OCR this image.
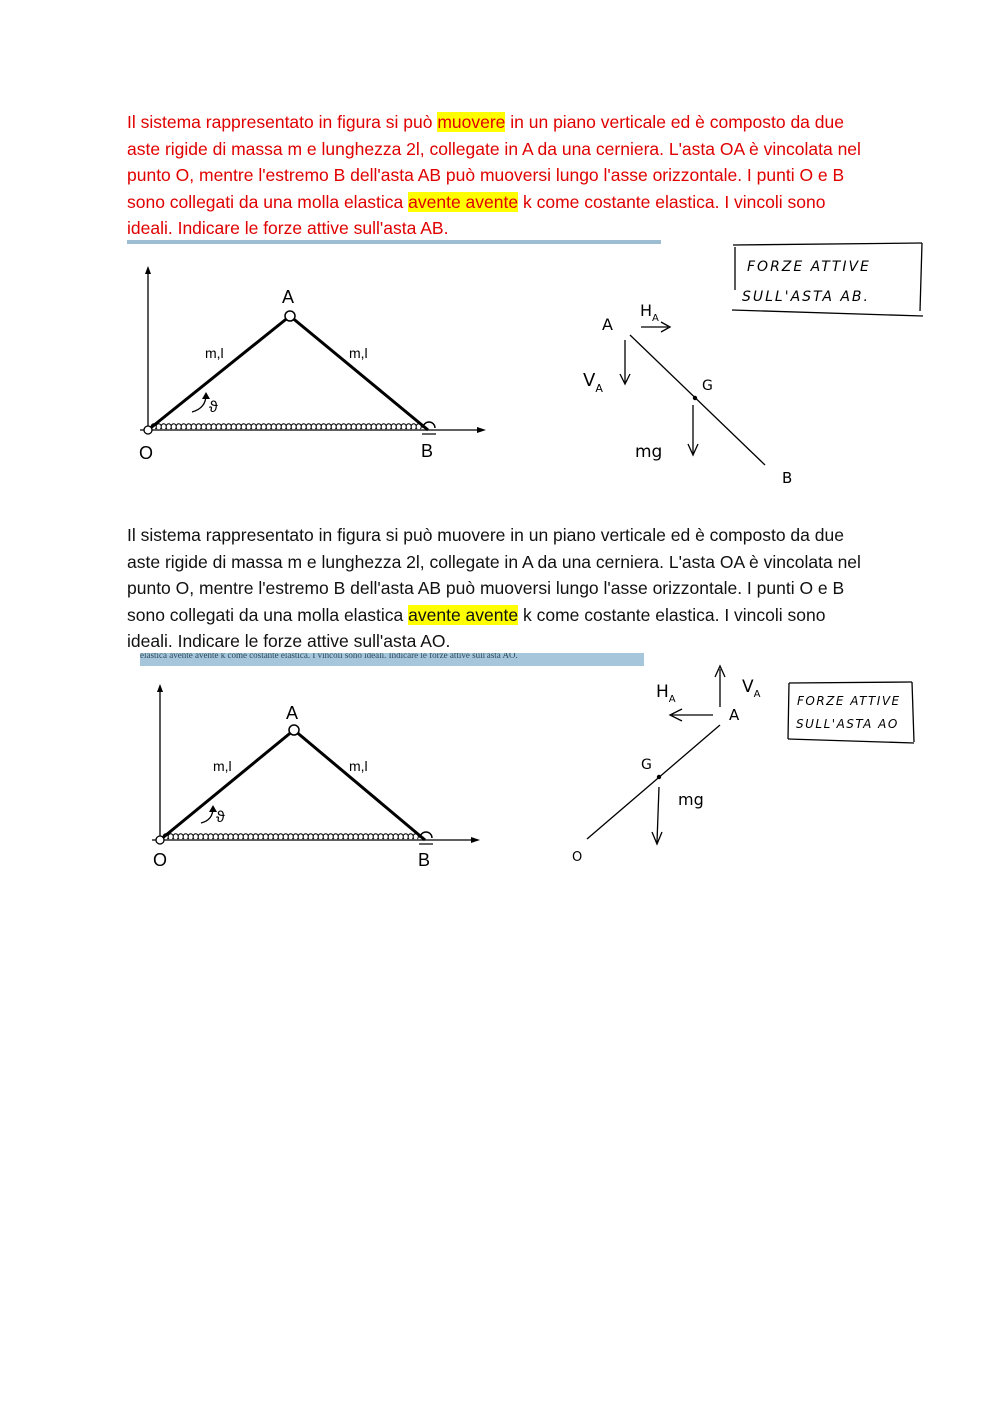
Il sistema rappresentato in figura si può muovere in un piano verticale ed è composto da due
aste rigide di massa m e lunghezza 2l, collegate in A da una cerniera. L'asta OA è vincolata nel
punto O, mentre l'estremo B dell'asta AB può muoversi lungo l'asse orizzontale. I punti O e B
sono collegati da una molla elastica avente avente k come costante elastica. I vincoli sono
ideali. Indicare le forze attive sull'asta AB.
A
O	B
m,l	m,l
ϑ
FORZE ATTIVE
SULL'ASTA AB.
A
$H_A$
$V_A$	G
mg
B
Il sistema rappresentato in figura si può muovere in un piano verticale ed è composto da due
aste rigide di massa m e lunghezza 2l, collegate in A da una cerniera. L'asta OA è vincolata nel
punto O, mentre l'estremo B dell'asta AB può muoversi lungo l'asse orizzontale. I punti O e B
sono collegati da una molla elastica avente avente k come costante elastica. I vincoli sono
ideali. Indicare le forze attive sull'asta AO.
elastica avente avente k come costante elastica. I vincoli sono ideali. Indicare le forze attive sull'asta AO.
A
O	B
m,l	m,l
ϑ
FORZE ATTIVE
SULL'ASTA AO
$V_A$
A
$H_A$
G
mg
O
